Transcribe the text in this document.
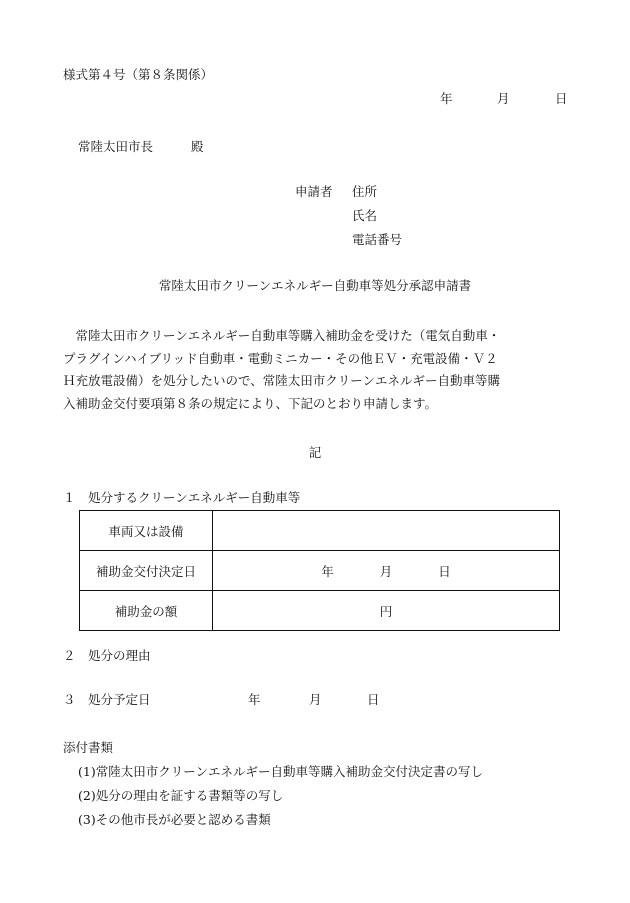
様式第４号（第８条関係）
年	月	日
常陸太田市長	殿
申請者 住所
氏名
電話番号
常陸太田市クリーンエネルギー自動車等処分承認申請書
　常陸太田市クリーンエネルギー自動車等購入補助金を受けた（電気自動車・
プラグインハイブリッド自動車・電動ミニカー・その他ＥＶ・充電設備・Ｖ２
Ｈ充放電設備）を処分したいので、常陸太田市クリーンエネルギー自動車等購
入補助金交付要項第８条の規定により、下記のとおり申請します。
記
１　処分するクリーンエネルギー自動車等
車両又は設備	
補助金交付決定日	年 月 日
補助金の額	円
２　処分の理由
３　処分予定日	年	月	日
添付書類
(1)常陸太田市クリーンエネルギー自動車等購入補助金交付決定書の写し
(2)処分の理由を証する書類等の写し
(3)その他市長が必要と認める書類
